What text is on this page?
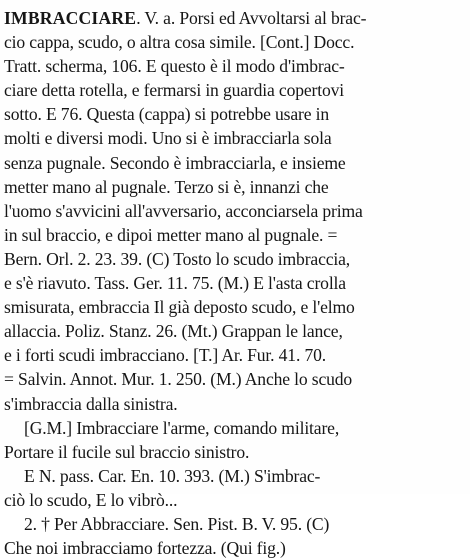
IMBRACCIARE. V. a. Porsi ed Avvoltarsi al brac-
cio cappa, scudo, o altra cosa simile. [Cont.] Docc.
Tratt. scherma, 106. E questo è il modo d'imbrac-
ciare detta rotella, e fermarsi in guardia copertovi
sotto. E 76. Questa (cappa) si potrebbe usare in
molti e diversi modi. Uno si è imbracciarla sola
senza pugnale. Secondo è imbracciarla, e insieme
metter mano al pugnale. Terzo si è, innanzi che
l'uomo s'avvicini all'avversario, acconciarsela prima
in sul braccio, e dipoi metter mano al pugnale. =
Bern. Orl. 2. 23. 39. (C) Tosto lo scudo imbraccia,
e s'è riavuto. Tass. Ger. 11. 75. (M.) E l'asta crolla
smisurata, embraccia Il già deposto scudo, e l'elmo
allaccia. Poliz. Stanz. 26. (Mt.) Grappan le lance,
e i forti scudi imbracciano. [T.] Ar. Fur. 41. 70.
= Salvin. Annot. Mur. 1. 250. (M.) Anche lo scudo
s'imbraccia dalla sinistra.
[G.M.] Imbracciare l'arme, comando militare,
Portare il fucile sul braccio sinistro.
E N. pass. Car. En. 10. 393. (M.) S'imbrac-
ciò lo scudo, E lo vibrò...
2. † Per Abbracciare. Sen. Pist. B. V. 95. (C)
Che noi imbracciamo fortezza. (Qui fig.)
